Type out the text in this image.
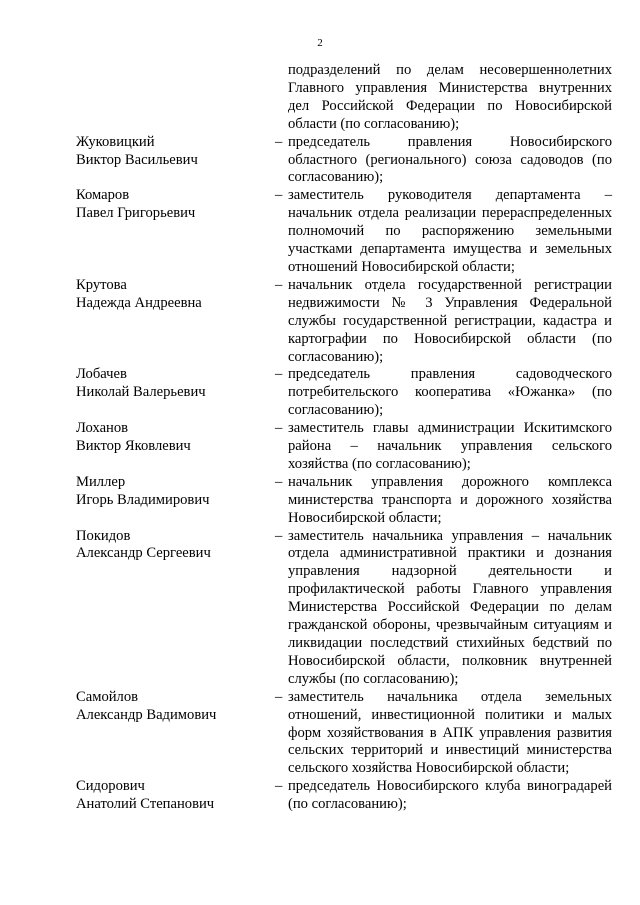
2
подразделений по делам несовершеннолетних Главного управления Министерства внутренних дел Российской Федерации по Новосибирской области (по согласованию);
Жуковицкий
Виктор Васильевич
– председатель правления Новосибирского областного (регионального) союза садоводов (по согласованию);
Комаров
Павел Григорьевич
– заместитель руководителя департамента – начальник отдела реализации перераспределенных полномочий по распоряжению земельными участками департамента имущества и земельных отношений Новосибирской области;
Крутова
Надежда Андреевна
– начальник отдела государственной регистрации недвижимости № 3 Управления Федеральной службы государственной регистрации, кадастра и картографии по Новосибирской области (по согласованию);
Лобачев
Николай Валерьевич
– председатель правления садоводческого потребительского кооператива «Южанка» (по согласованию);
Лоханов
Виктор Яковлевич
– заместитель главы администрации Искитимского района – начальник управления сельского хозяйства (по согласованию);
Миллер
Игорь Владимирович
– начальник управления дорожного комплекса министерства транспорта и дорожного хозяйства Новосибирской области;
Покидов
Александр Сергеевич
– заместитель начальника управления – начальник отдела административной практики и дознания управления надзорной деятельности и профилактической работы Главного управления Министерства Российской Федерации по делам гражданской обороны, чрезвычайным ситуациям и ликвидации последствий стихийных бедствий по Новосибирской области, полковник внутренней службы (по согласованию);
Самойлов
Александр Вадимович
– заместитель начальника отдела земельных отношений, инвестиционной политики и малых форм хозяйствования в АПК управления развития сельских территорий и инвестиций министерства сельского хозяйства Новосибирской области;
Сидорович
Анатолий Степанович
– председатель Новосибирского клуба виноградарей (по согласованию);
